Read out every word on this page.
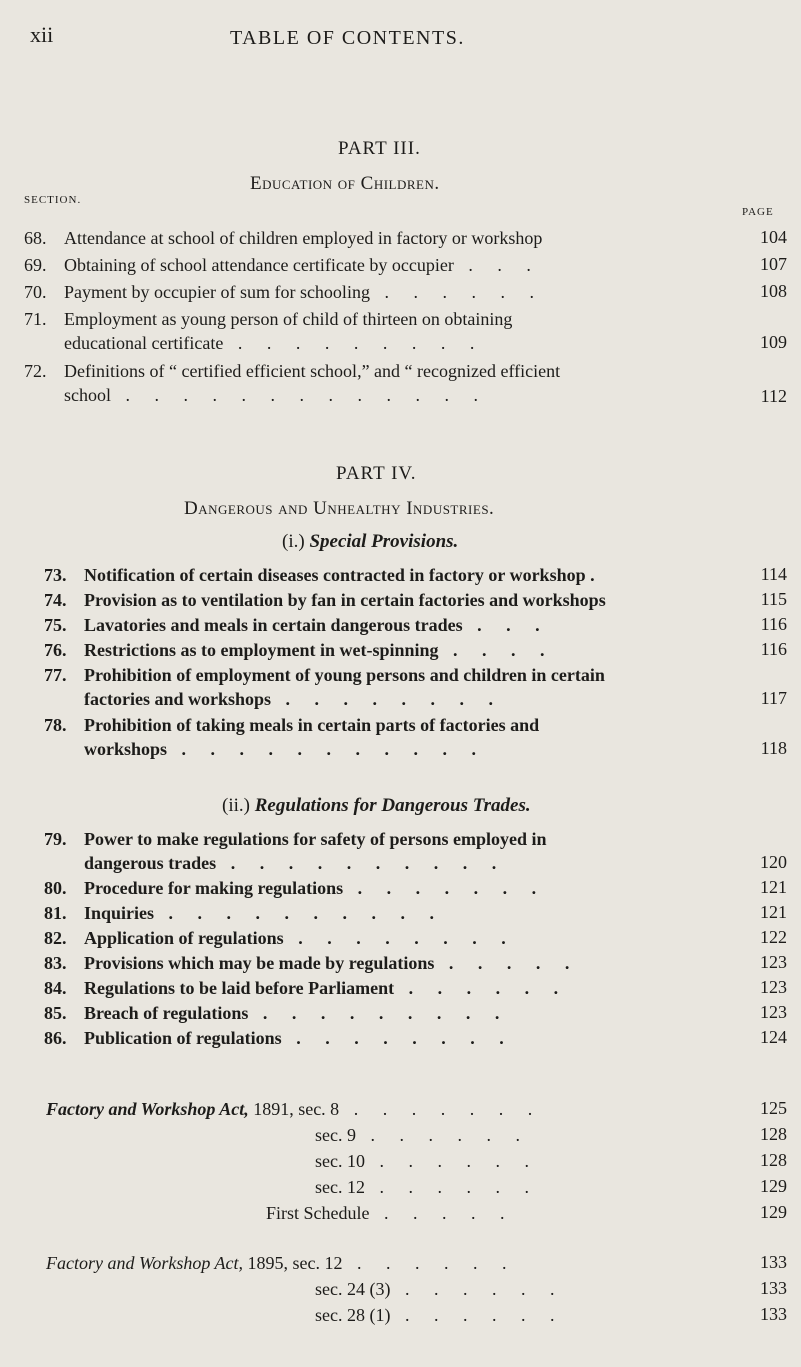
xii	TABLE OF CONTENTS.
PART III.
Education of Children.
SECTION.
PAGE
68. Attendance at school of children employed in factory or workshop	104
69. Obtaining of school attendance certificate by occupier . . .	107
70. Payment by occupier of sum for schooling . . . . . .	108
71. Employment as young person of child of thirteen on obtaining
educational certificate . . . . . . . . .	109
72. Definitions of “ certified efficient school,” and “ recognized efficient
school . . . . . . . . . . . . .	112
PART IV.
Dangerous and Unhealthy Industries.
(i.) Special Provisions.
73. Notification of certain diseases contracted in factory or workshop .	114
74. Provision as to ventilation by fan in certain factories and workshops	115
75. Lavatories and meals in certain dangerous trades . . .	116
76. Restrictions as to employment in wet-spinning . . . .	116
77. Prohibition of employment of young persons and children in certain
factories and workshops . . . . . . . .	117
78. Prohibition of taking meals in certain parts of factories and
workshops . . . . . . . . . . .	118
(ii.) Regulations for Dangerous Trades.
79. Power to make regulations for safety of persons employed in
dangerous trades . . . . . . . . . .	120
80. Procedure for making regulations . . . . . . .	121
81. Inquiries . . . . . . . . . .	121
82. Application of regulations . . . . . . . .	122
83. Provisions which may be made by regulations . . . . .	123
84. Regulations to be laid before Parliament . . . . . .	123
85. Breach of regulations . . . . . . . . .	123
86. Publication of regulations . . . . . . . .	124
Factory and Workshop Act, 1891, sec. 8 . . . . . . .	125
sec. 9 . . . . . .	128
sec. 10 . . . . . .	128
sec. 12 . . . . . .	129
First Schedule . . . . .	129
Factory and Workshop Act, 1895, sec. 12 . . . . . .	133
sec. 24 (3) . . . . . .	133
sec. 28 (1) . . . . . .	133
